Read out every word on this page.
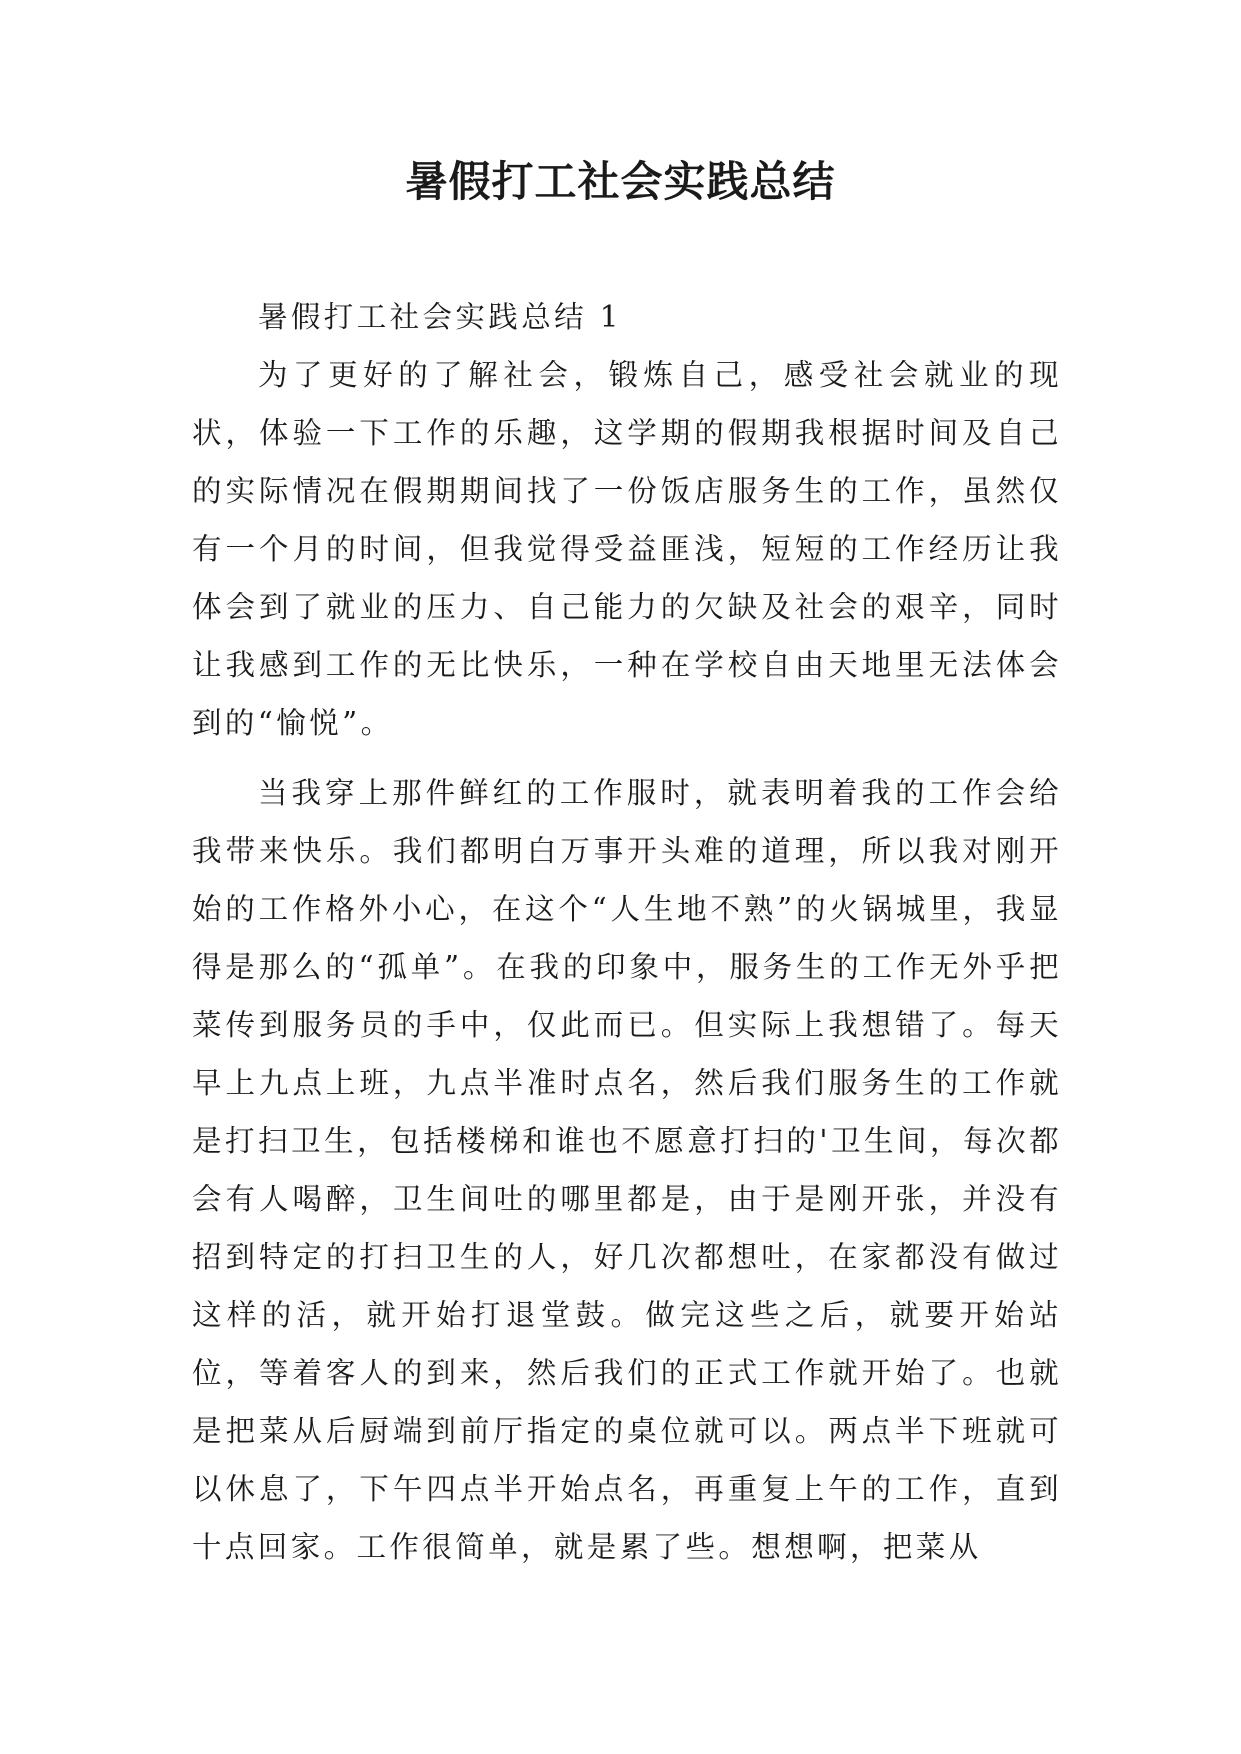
暑假打工社会实践总结

暑假打工社会实践总结 1

为了更好的了解社会，锻炼自己，感受社会就业的现状，体验一下工作的乐趣，这学期的假期我根据时间及自己的实际情况在假期期间找了一份饭店服务生的工作，虽然仅有一个月的时间，但我觉得受益匪浅，短短的工作经历让我体会到了就业的压力、自己能力的欠缺及社会的艰辛，同时让我感到工作的无比快乐，一种在学校自由天地里无法体会到的“愉悦”。

当我穿上那件鲜红的工作服时，就表明着我的工作会给我带来快乐。我们都明白万事开头难的道理，所以我对刚开始的工作格外小心，在这个“人生地不熟”的火锅城里，我显得是那么的“孤单”。在我的印象中，服务生的工作无外乎把菜传到服务员的手中，仅此而已。但实际上我想错了。每天早上九点上班，九点半准时点名，然后我们服务生的工作就是打扫卫生，包括楼梯和谁也不愿意打扫的'卫生间，每次都会有人喝醉，卫生间吐的哪里都是，由于是刚开张，并没有招到特定的打扫卫生的人，好几次都想吐，在家都没有做过这样的活，就开始打退堂鼓。做完这些之后，就要开始站位，等着客人的到来，然后我们的正式工作就开始了。也就是把菜从后厨端到前厅指定的桌位就可以。两点半下班就可以休息了，下午四点半开始点名，再重复上午的工作，直到十点回家。工作很简单，就是累了些。想想啊，把菜从
